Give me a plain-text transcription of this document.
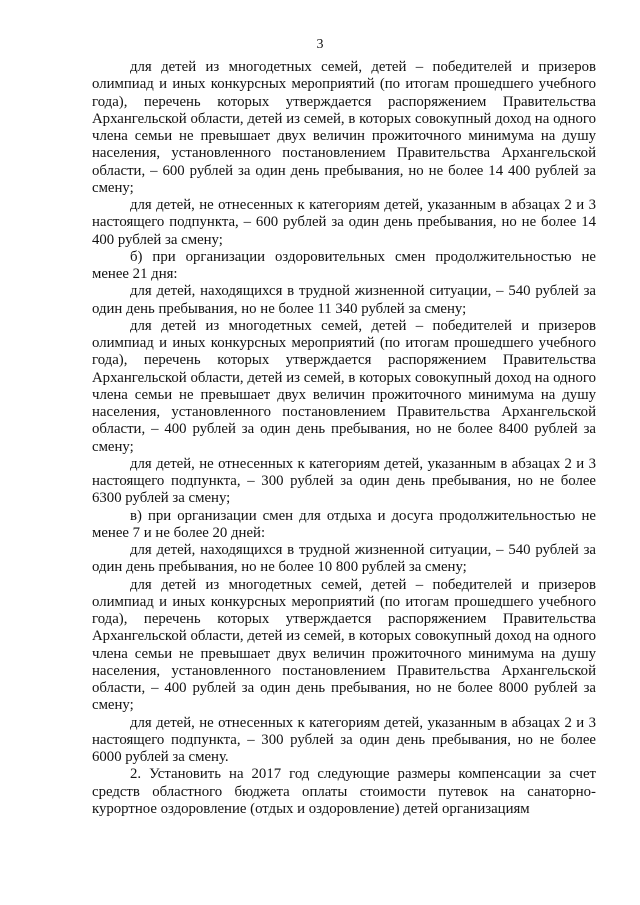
3

для детей из многодетных семей, детей – победителей и призеров олимпиад и иных конкурсных мероприятий (по итогам прошедшего учебного года), перечень которых утверждается распоряжением Правительства Архангельской области, детей из семей, в которых совокупный доход на одного члена семьи не превышает двух величин прожиточного минимума на душу населения, установленного постановлением Правительства Архангельской области, – 600 рублей за один день пребывания, но не более 14 400 рублей за смену;

для детей, не отнесенных к категориям детей, указанным в абзацах 2 и 3 настоящего подпункта, – 600 рублей за один день пребывания, но не более 14 400 рублей за смену;

б) при организации оздоровительных смен продолжительностью не менее 21 дня:

для детей, находящихся в трудной жизненной ситуации, – 540 рублей за один день пребывания, но не более 11 340 рублей за смену;

для детей из многодетных семей, детей – победителей и призеров олимпиад и иных конкурсных мероприятий (по итогам прошедшего учебного года), перечень которых утверждается распоряжением Правительства Архангельской области, детей из семей, в которых совокупный доход на одного члена семьи не превышает двух величин прожиточного минимума на душу населения, установленного постановлением Правительства Архангельской области, – 400 рублей за один день пребывания, но не более 8400 рублей за смену;

для детей, не отнесенных к категориям детей, указанным в абзацах 2 и 3 настоящего подпункта, – 300 рублей за один день пребывания, но не более 6300 рублей за смену;

в) при организации смен для отдыха и досуга продолжительностью не менее 7 и не более 20 дней:

для детей, находящихся в трудной жизненной ситуации, – 540 рублей за один день пребывания, но не более 10 800 рублей за смену;

для детей из многодетных семей, детей – победителей и призеров олимпиад и иных конкурсных мероприятий (по итогам прошедшего учебного года), перечень которых утверждается распоряжением Правительства Архангельской области, детей из семей, в которых совокупный доход на одного члена семьи не превышает двух величин прожиточного минимума на душу населения, установленного постановлением Правительства Архангельской области, – 400 рублей за один день пребывания, но не более 8000 рублей за смену;

для детей, не отнесенных к категориям детей, указанным в абзацах 2 и 3 настоящего подпункта, – 300 рублей за один день пребывания, но не более 6000 рублей за смену.

2. Установить на 2017 год следующие размеры компенсации за счет средств областного бюджета оплаты стоимости путевок на санаторно-курортное оздоровление (отдых и оздоровление) детей организациям
